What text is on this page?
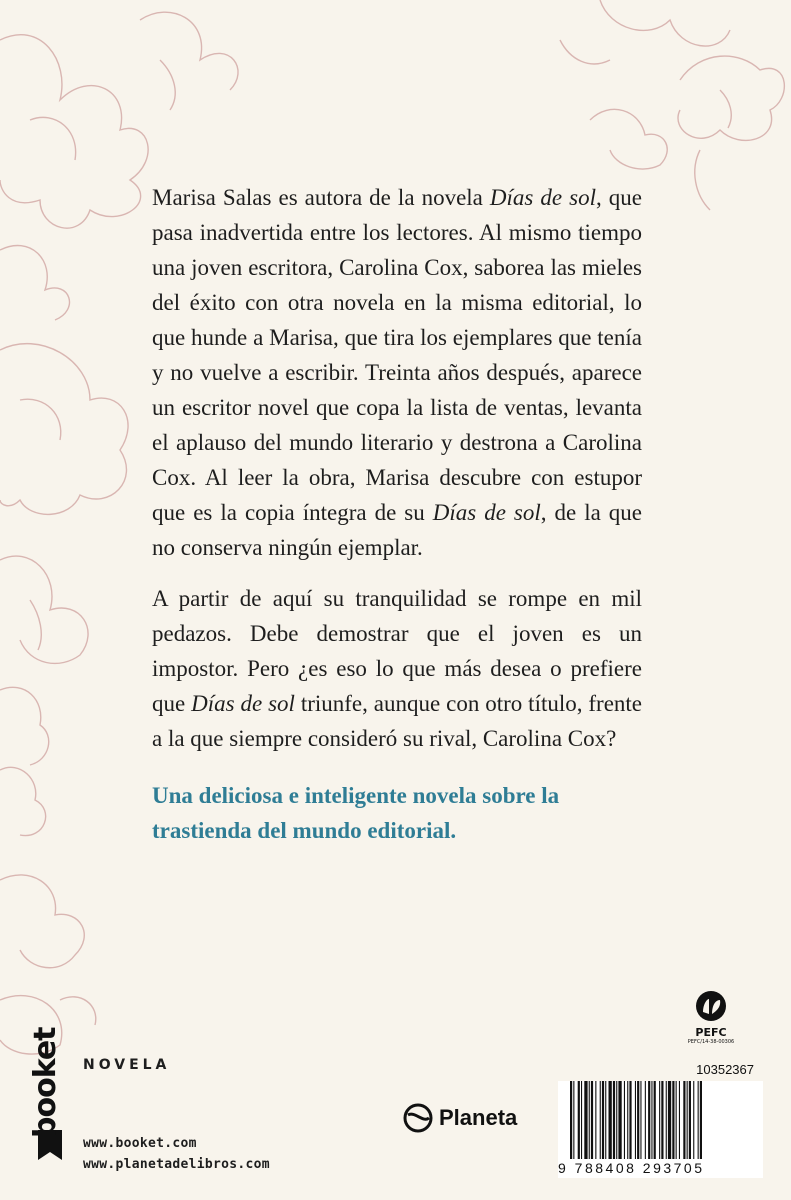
Marisa Salas es autora de la novela Días de sol, que pasa inadvertida entre los lectores. Al mismo tiempo una joven escritora, Carolina Cox, saborea las mieles del éxito con otra novela en la misma editorial, lo que hunde a Marisa, que tira los ejemplares que tenía y no vuelve a escribir. Treinta años después, aparece un escritor novel que copa la lista de ventas, levanta el aplauso del mundo literario y destrona a Carolina Cox. Al leer la obra, Marisa descubre con estupor que es la copia íntegra de su Días de sol, de la que no conserva ningún ejemplar.

A partir de aquí su tranquilidad se rompe en mil pedazos. Debe demostrar que el joven es un impostor. Pero ¿es eso lo que más desea o prefiere que Días de sol triunfe, aunque con otro título, frente a la que siempre consideró su rival, Carolina Cox?

Una deliciosa e inteligente novela sobre la trastienda del mundo editorial.

NOVELA
booket
www.booket.com
www.planetadelibros.com
Planeta
PEFC
PEFC/14-38-00306
10352367
9 788408 293705
